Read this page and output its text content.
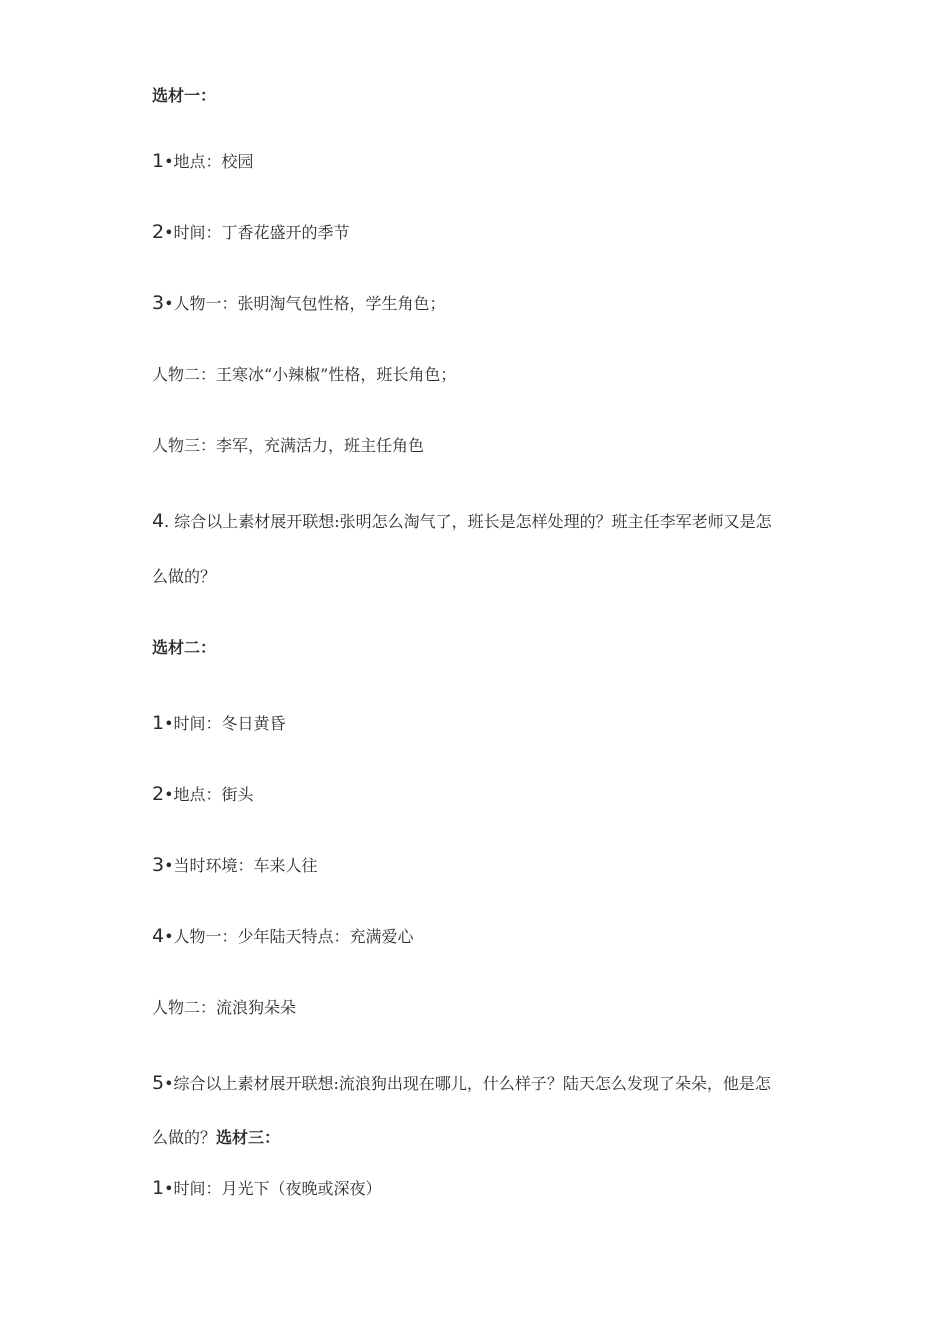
选材一：
1•地点：校园
2•时间：丁香花盛开的季节
3•人物一：张明淘气包性格，学生角色；
人物二：王寒冰“小辣椒”性格，班长角色；
人物三：李军，充满活力，班主任角色
4. 综合以上素材展开联想:张明怎么淘气了，班长是怎样处理的？班主任李军老师又是怎
么做的？
选材二：
1•时间：冬日黄昏
2•地点：街头
3•当时环境：车来人往
4•人物一：少年陆天特点：充满爱心
人物二：流浪狗朵朵
5•综合以上素材展开联想:流浪狗出现在哪儿，什么样子？陆天怎么发现了朵朵，他是怎
么做的？选材三：
1•时间：月光下（夜晚或深夜）
